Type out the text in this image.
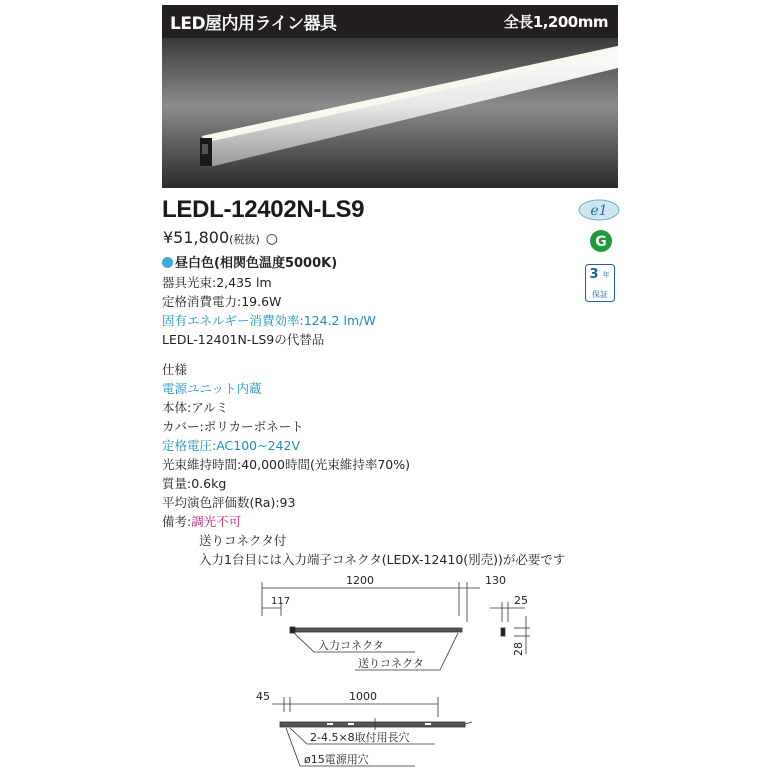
LED屋内用ライン器具	全長1,200mm
LEDL-12402N-LS9	e1
G
3 年
保証
¥51,800(税抜) ○
昼白色(相関色温度5000K)
器具光束:2,435 lm
定格消費電力:19.6W
固有エネルギー消費効率:124.2 lm/W
LEDL-12401N-LS9の代替品
仕様
電源ユニット内蔵
本体:アルミ
カバー:ポリカーボネート
定格電圧:AC100~242V
光束維持時間:40,000時間(光束維持率70%)
質量:0.6kg
平均演色評価数(Ra):93
備考:調光不可
送りコネクタ付
入力1台目には入力端子コネクタ(LEDX-12410(別売))が必要です
1200	130
117	25
28
入力コネクタ
送りコネクタ
45	1000
2-4.5×8取付用長穴
ø15電源用穴
